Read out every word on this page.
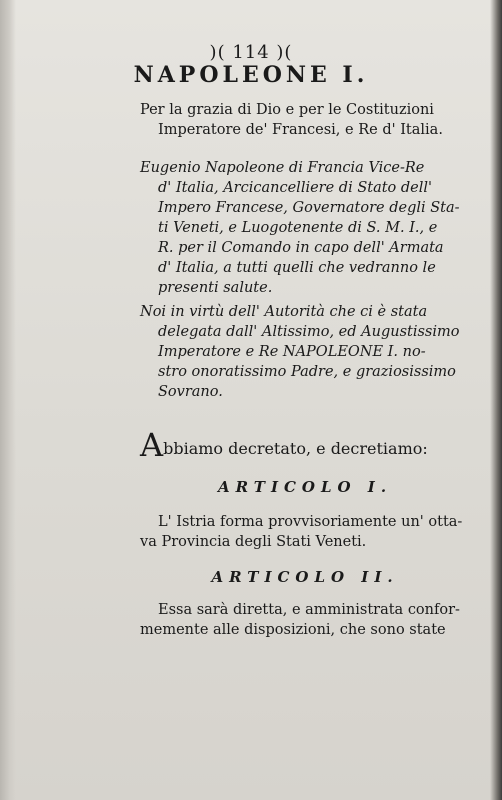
)( 114 )(
NAPOLEONE I.
Per la grazia di Dio e per le Costituzioni
Imperatore de' Francesi, e Re d' Italia.
Eugenio Napoleone di Francia Vice-Re
d' Italia, Arcicancelliere di Stato dell'
Impero Francese, Governatore degli Sta-
ti Veneti, e Luogotenente di S. M. I., e
R. per il Comando in capo dell' Armata
d' Italia, a tutti quelli che vedranno le
presenti salute.
Noi in virtù dell' Autorità che ci è stata
delegata dall' Altissimo, ed Augustissimo
Imperatore e Re NAPOLEONE I. no-
stro onoratissimo Padre, e graziosissimo
Sovrano.
Abbiamo decretato, e decretiamo:
ARTICOLO I.
L' Istria forma provvisoriamente un' otta-
va Provincia degli Stati Veneti.
ARTICOLO II.
Essa sarà diretta, e amministrata confor-
memente alle disposizioni, che sono state
